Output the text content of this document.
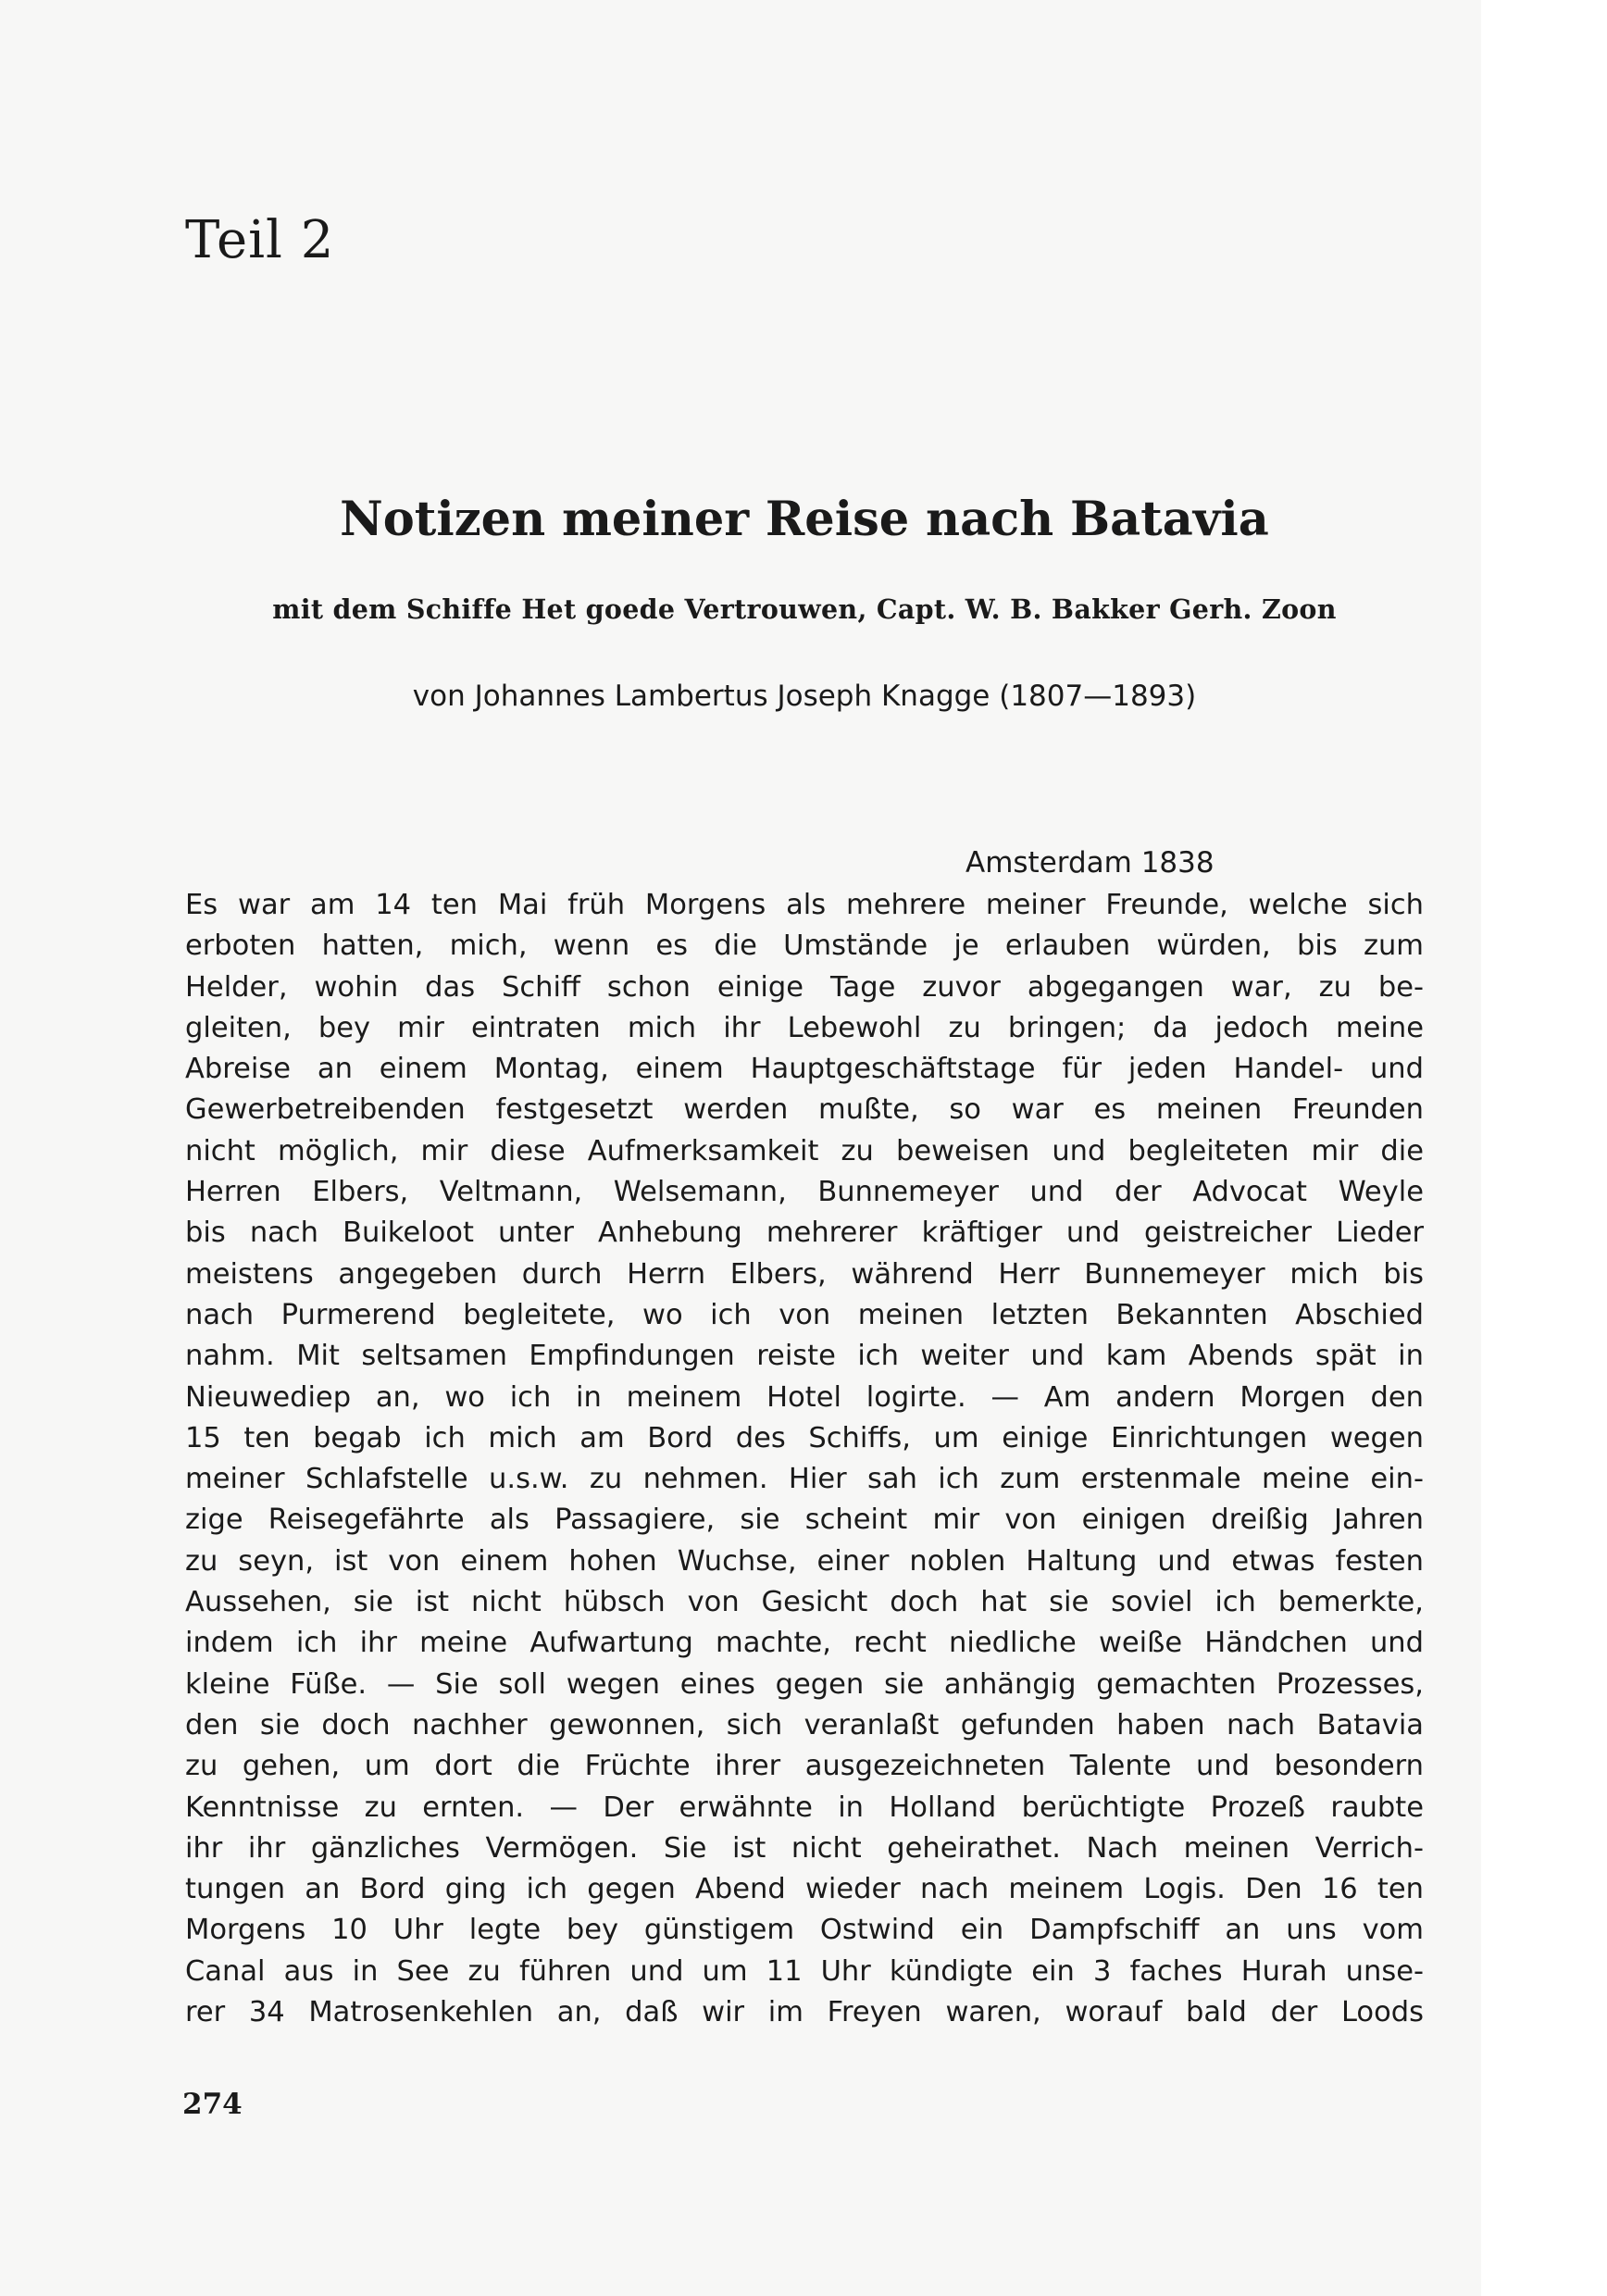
Teil 2
Notizen meiner Reise nach Batavia

mit dem Schiffe Het goede Vertrouwen, Capt. W. B. Bakker Gerh. Zoon

von Johannes Lambertus Joseph Knagge (1807—1893)

Amsterdam 1838

Es war am 14 ten Mai früh Morgens als mehrere meiner Freunde, welche sich
erboten hatten, mich, wenn es die Umstände je erlauben würden, bis zum
Helder, wohin das Schiff schon einige Tage zuvor abgegangen war, zu be-
gleiten, bey mir eintraten mich ihr Lebewohl zu bringen; da jedoch meine
Abreise an einem Montag, einem Hauptgeschäftstage für jeden Handel- und
Gewerbetreibenden festgesetzt werden mußte, so war es meinen Freunden
nicht möglich, mir diese Aufmerksamkeit zu beweisen und begleiteten mir die
Herren Elbers, Veltmann, Welsemann, Bunnemeyer und der Advocat Weyle
bis nach Buikeloot unter Anhebung mehrerer kräftiger und geistreicher Lieder
meistens angegeben durch Herrn Elbers, während Herr Bunnemeyer mich bis
nach Purmerend begleitete, wo ich von meinen letzten Bekannten Abschied
nahm. Mit seltsamen Empfindungen reiste ich weiter und kam Abends spät in
Nieuwediep an, wo ich in meinem Hotel logirte. — Am andern Morgen den
15 ten begab ich mich am Bord des Schiffs, um einige Einrichtungen wegen
meiner Schlafstelle u.s.w. zu nehmen. Hier sah ich zum erstenmale meine ein-
zige Reisegefährte als Passagiere, sie scheint mir von einigen dreißig Jahren
zu seyn, ist von einem hohen Wuchse, einer noblen Haltung und etwas festen
Aussehen, sie ist nicht hübsch von Gesicht doch hat sie soviel ich bemerkte,
indem ich ihr meine Aufwartung machte, recht niedliche weiße Händchen und
kleine Füße. — Sie soll wegen eines gegen sie anhängig gemachten Prozesses,
den sie doch nachher gewonnen, sich veranlaßt gefunden haben nach Batavia
zu gehen, um dort die Früchte ihrer ausgezeichneten Talente und besondern
Kenntnisse zu ernten. — Der erwähnte in Holland berüchtigte Prozeß raubte
ihr ihr gänzliches Vermögen. Sie ist nicht geheirathet. Nach meinen Verrich-
tungen an Bord ging ich gegen Abend wieder nach meinem Logis. Den 16 ten
Morgens 10 Uhr legte bey günstigem Ostwind ein Dampfschiff an uns vom
Canal aus in See zu führen und um 11 Uhr kündigte ein 3 faches Hurah unse-
rer 34 Matrosenkehlen an, daß wir im Freyen waren, worauf bald der Loods

274
